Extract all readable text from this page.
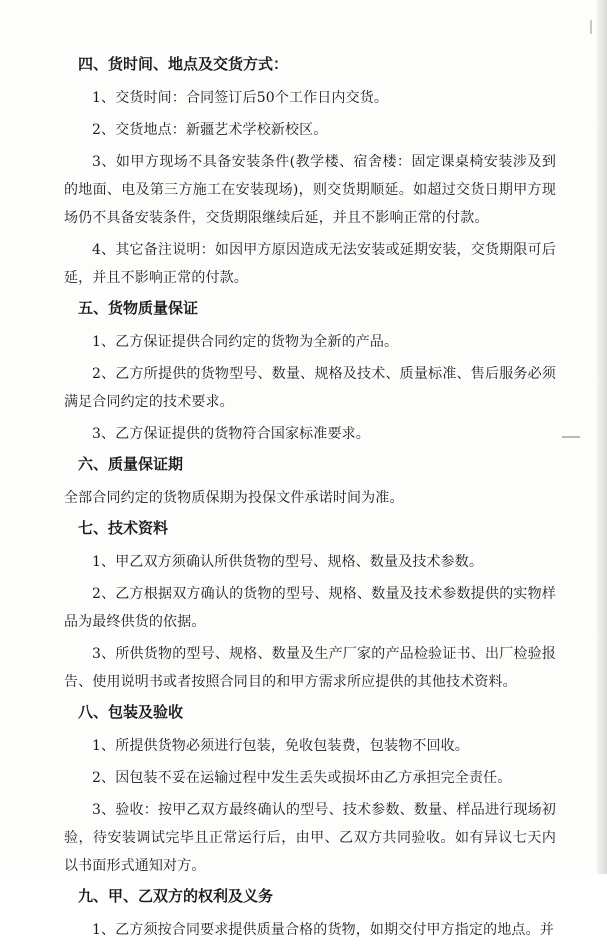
四、货时间、地点及交货方式：

1、交货时间：合同签订后50个工作日内交货。

2、交货地点：新疆艺术学校新校区。

3、如甲方现场不具备安装条件(教学楼、宿舍楼：固定课桌椅安装涉及到的地面、电及第三方施工在安装现场)，则交货期顺延。如超过交货日期甲方现场仍不具备安装条件，交货期限继续后延，并且不影响正常的付款。

4、其它备注说明：如因甲方原因造成无法安装或延期安装，交货期限可后延，并且不影响正常的付款。

五、货物质量保证

1、乙方保证提供合同约定的货物为全新的产品。

2、乙方所提供的货物型号、数量、规格及技术、质量标准、售后服务必须满足合同约定的技术要求。

3、乙方保证提供的货物符合国家标准要求。

六、质量保证期

全部合同约定的货物质保期为投保文件承诺时间为准。

七、技术资料

1、甲乙双方须确认所供货物的型号、规格、数量及技术参数。

2、乙方根据双方确认的货物的型号、规格、数量及技术参数提供的实物样品为最终供货的依据。

3、所供货物的型号、规格、数量及生产厂家的产品检验证书、出厂检验报告、使用说明书或者按照合同目的和甲方需求所应提供的其他技术资料。

八、包装及验收

1、所提供货物必须进行包装，免收包装费，包装物不回收。

2、因包装不妥在运输过程中发生丢失或损坏由乙方承担完全责任。

3、验收：按甲乙双方最终确认的型号、技术参数、数量、样品进行现场初验，待安装调试完毕且正常运行后，由甲、乙双方共同验收。如有异议七天内以书面形式通知对方。

九、甲、乙双方的权利及义务

1、乙方须按合同要求提供质量合格的货物，如期交付甲方指定的地点。并
